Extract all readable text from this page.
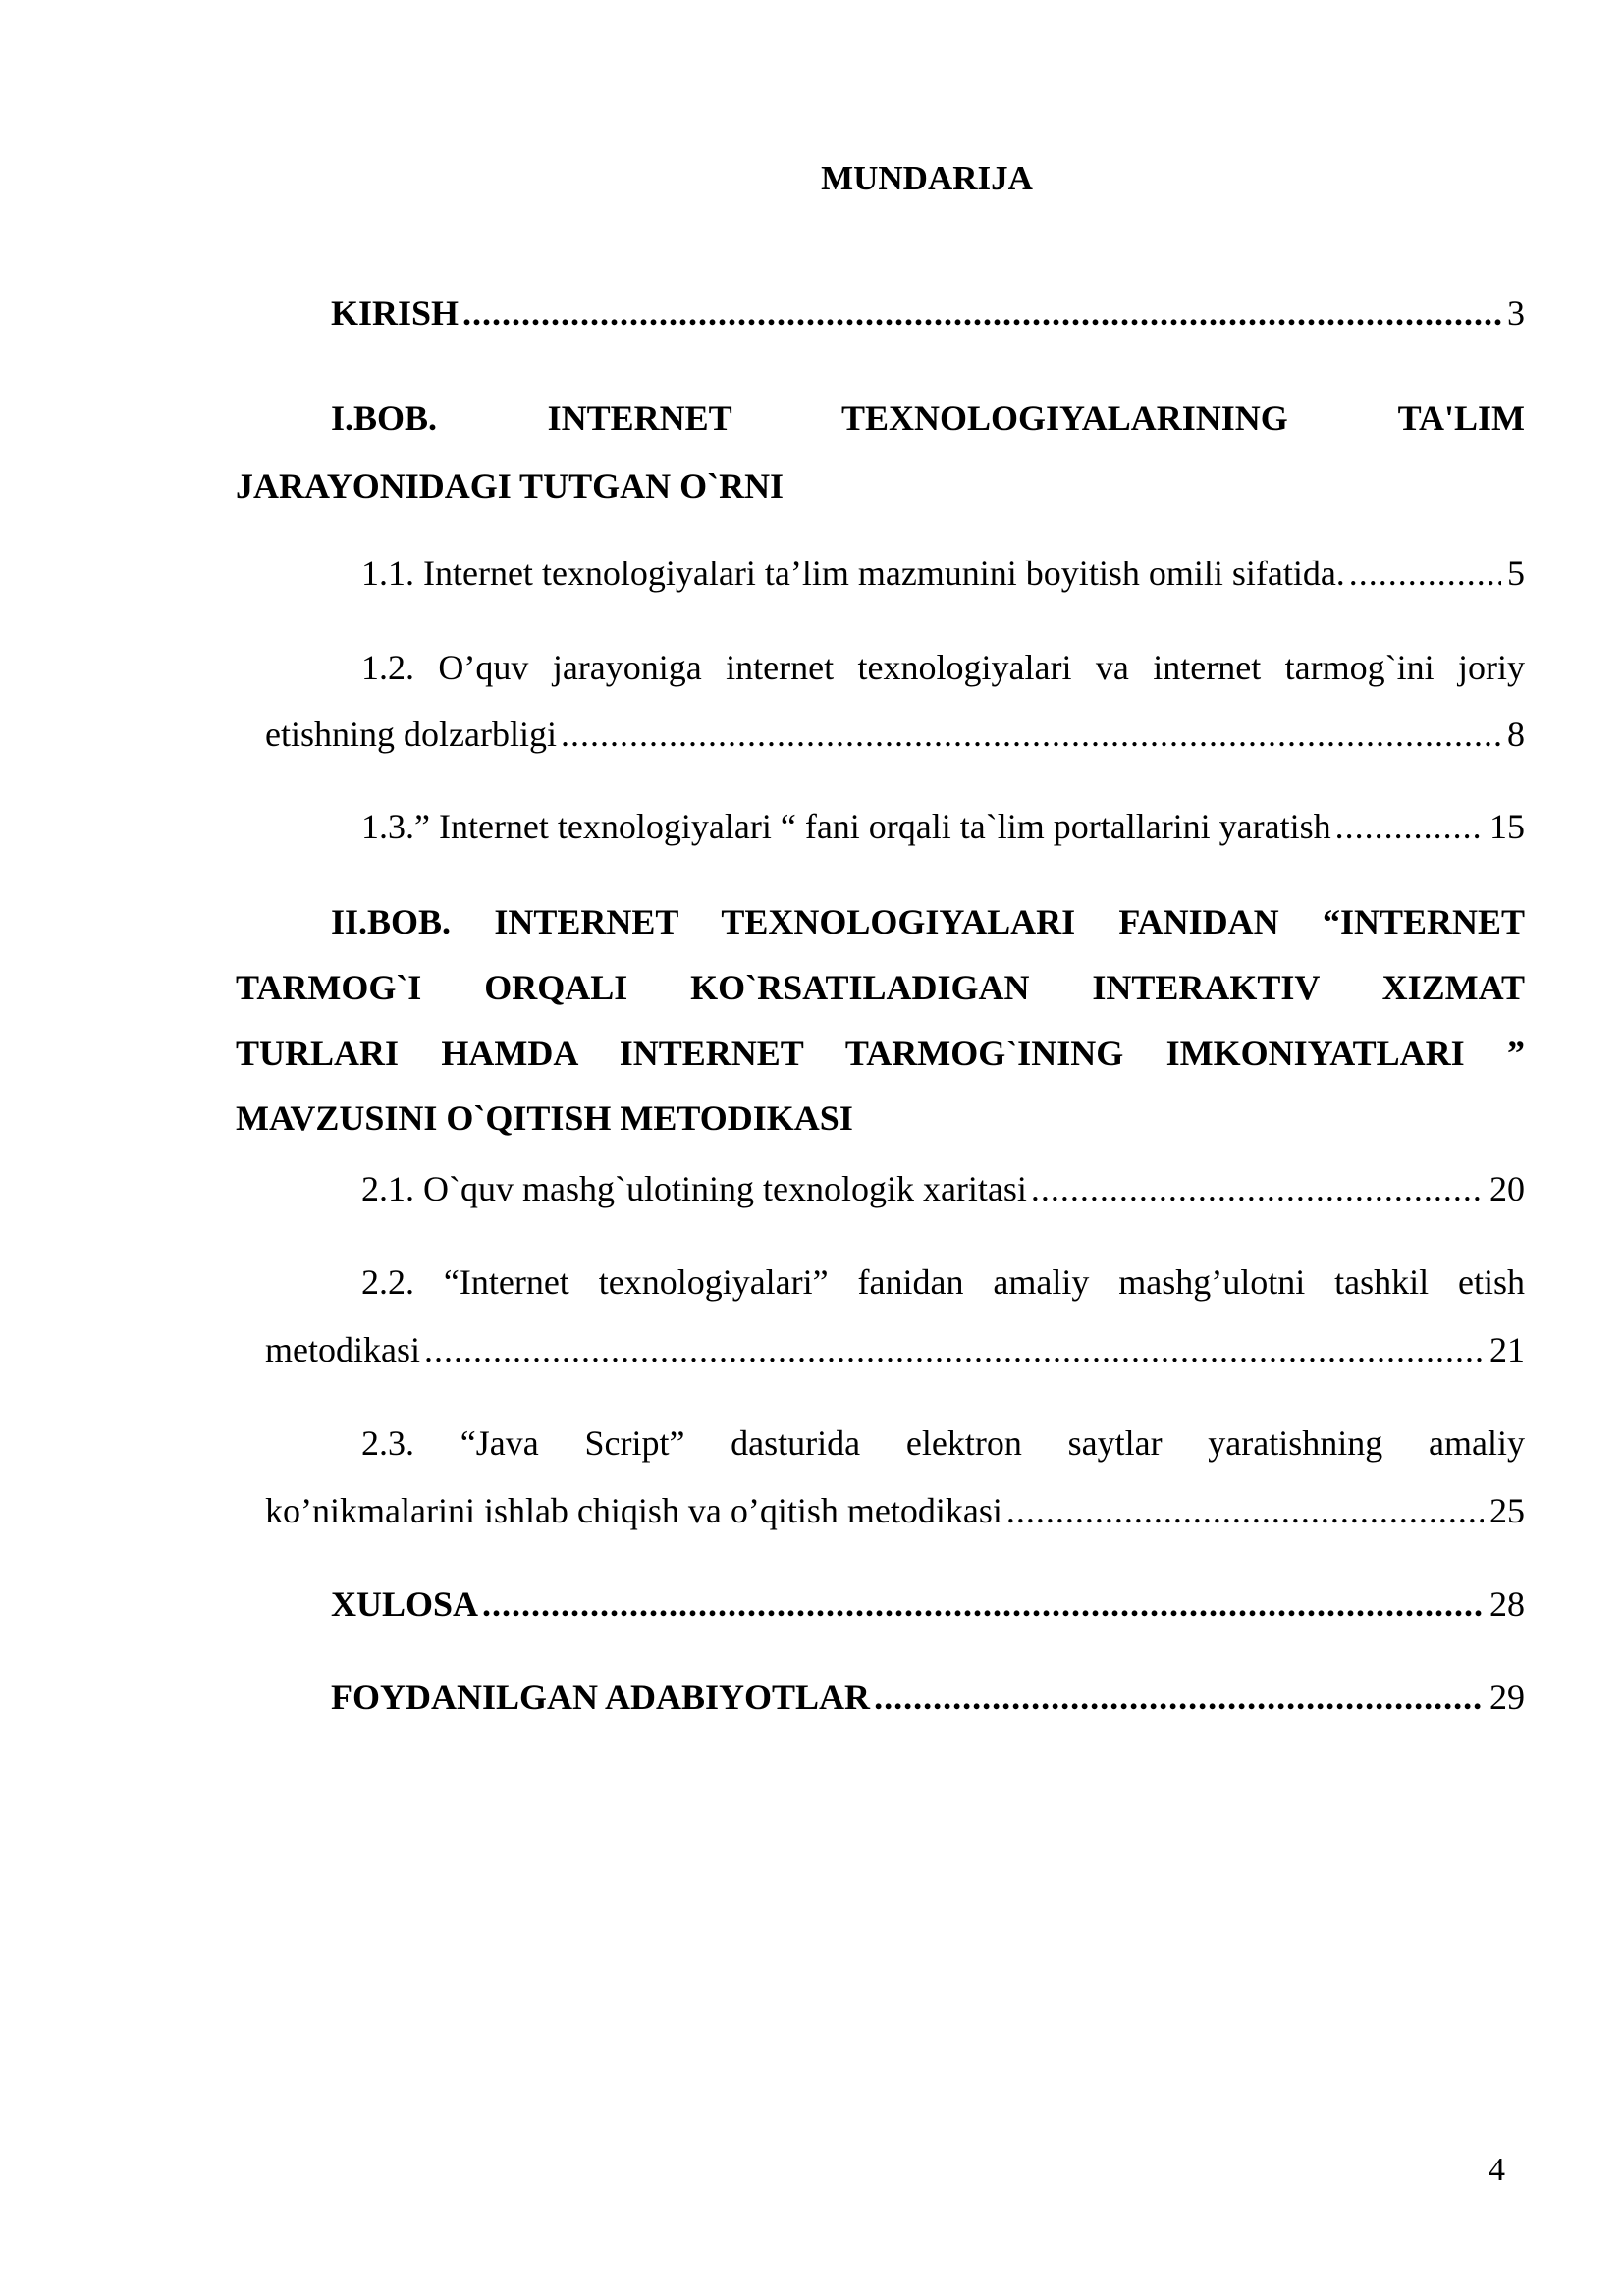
MUNDARIJA
KIRISH .....	3
I.BOB. INTERNET TEXNOLOGIYALARINING TA'LIM
JARAYONIDAGI TUTGAN O`RNI
1.1. Internet texnologiyalari ta’lim mazmunini boyitish omili sifatida. .....	5
1.2. O’quv jarayoniga internet texnologiyalari va internet tarmog`ini joriy
etishning dolzarbligi .....	8
1.3.” Internet texnologiyalari “ fani orqali ta`lim portallarini yaratish .....	15
II.BOB. INTERNET TEXNOLOGIYALARI FANIDAN “INTERNET
TARMOG`I ORQALI KO`RSATILADIGAN INTERAKTIV XIZMAT
TURLARI HAMDA INTERNET TARMOG`INING IMKONIYATLARI ”
MAVZUSINI O`QITISH METODIKASI
2.1. O`quv mashg`ulotining texnologik xaritasi .....	20
2.2. “Internet texnologiyalari” fanidan amaliy mashg’ulotni tashkil etish
metodikasi .....	21
2.3. “Java Script” dasturida elektron saytlar yaratishning amaliy
ko’nikmalarini ishlab chiqish va o’qitish metodikasi .....	25
XULOSA .....	28
FOYDANILGAN ADABIYOTLAR .....	29
4
